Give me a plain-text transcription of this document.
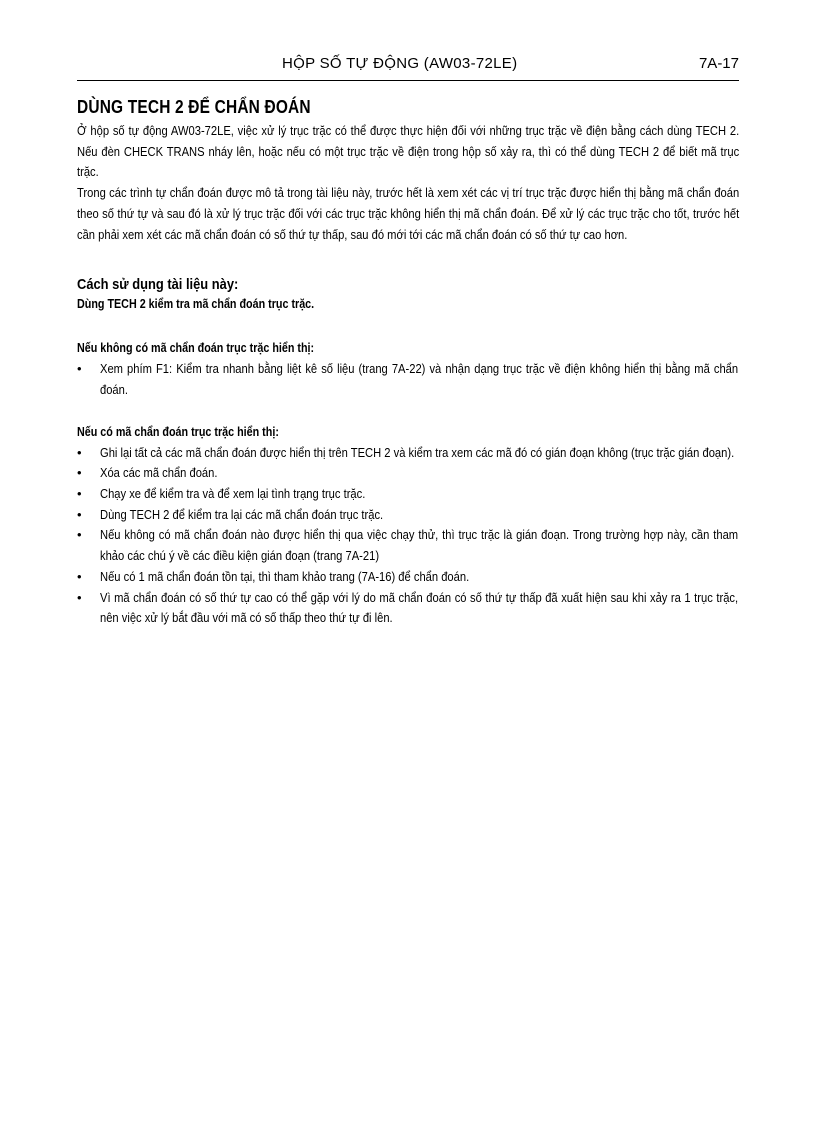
HỘP SỐ TỰ ĐỘNG (AW03-72LE)	7A-17
DÙNG TECH 2 ĐỂ CHẨN ĐOÁN

Ở hộp số tự động AW03-72LE, việc xử lý trục trặc có thể được thực hiện đối với những trục trặc về điện bằng cách dùng TECH 2. Nếu đèn CHECK TRANS nháy lên, hoặc nếu có một trục trặc về điện trong hộp số xảy ra, thì có thể dùng TECH 2 để biết mã trục trặc.

Trong các trình tự chẩn đoán được mô tả trong tài liệu này, trước hết là xem xét các vị trí trục trặc được hiển thị bằng mã chẩn đoán theo số thứ tự và sau đó là xử lý trục trặc đối với các trục trặc không hiển thị mã chẩn đoán. Để xử lý các trục trặc cho tốt, trước hết cần phải xem xét các mã chẩn đoán có số thứ tự thấp, sau đó mới tới các mã chẩn đoán có số thứ tự cao hơn.

Cách sử dụng tài liệu này:
Dùng TECH 2 kiểm tra mã chẩn đoán trục trặc.
Nếu không có mã chẩn đoán trục trặc hiển thị:
• Xem phím F1: Kiểm tra nhanh bằng liệt kê số liệu (trang 7A-22) và nhận dạng trục trặc về điện không hiển thị bằng mã chẩn đoán.
Nếu có mã chẩn đoán trục trặc hiển thị:
• Ghi lại tất cả các mã chẩn đoán được hiển thị trên TECH 2 và kiểm tra xem các mã đó có gián đoạn không (trục trặc gián đoạn).
• Xóa các mã chẩn đoán.
• Chạy xe để kiểm tra và để xem lại tình trạng trục trặc.
• Dùng TECH 2 để kiểm tra lại các mã chẩn đoán trục trặc.
• Nếu không có mã chẩn đoán nào được hiển thị qua việc chạy thử, thì trục trặc là gián đoạn. Trong trường hợp này, cần tham khảo các chú ý về các điều kiện gián đoạn (trang 7A-21)
• Nếu có 1 mã chẩn đoán tồn tại, thì tham khảo trang (7A-16) để chẩn đoán.
• Vì mã chẩn đoán có số thứ tự cao có thể gặp với lý do mã chẩn đoán có số thứ tự thấp đã xuất hiện sau khi xảy ra 1 trục trặc, nên việc xử lý bắt đầu với mã có số thấp theo thứ tự đi lên.
